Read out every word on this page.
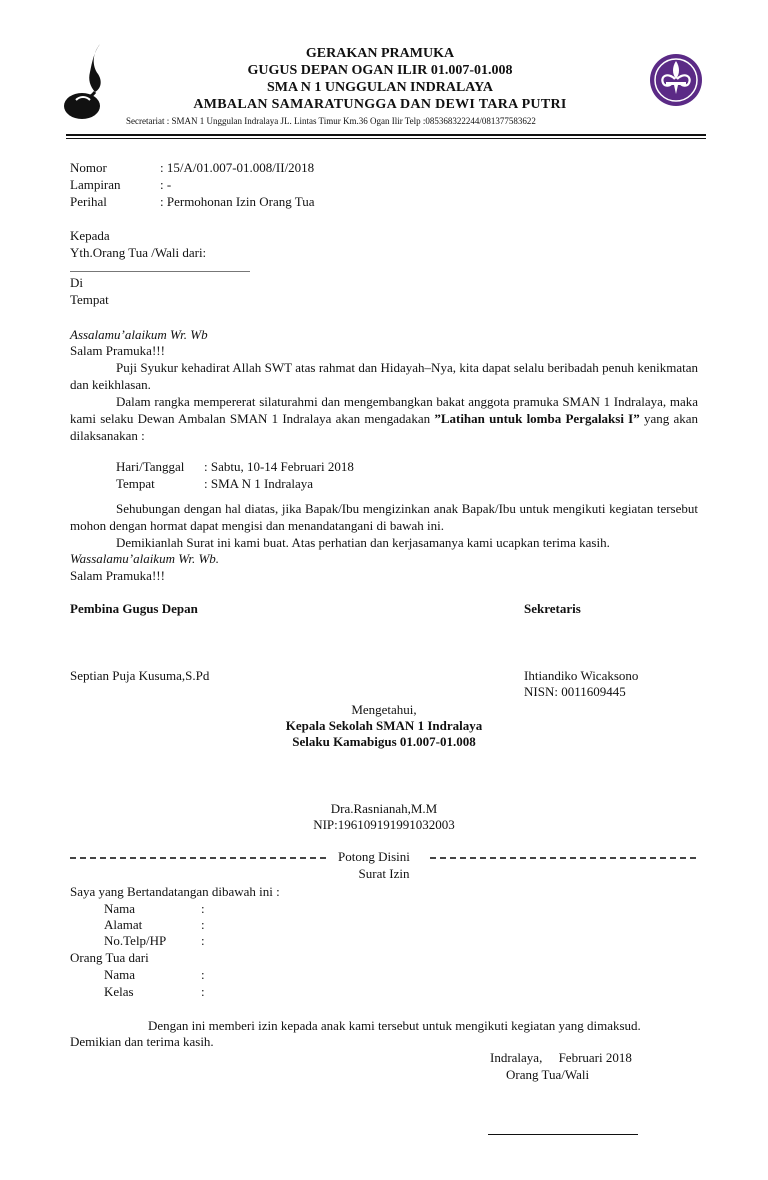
GERAKAN PRAMUKA
GUGUS DEPAN OGAN ILIR 01.007-01.008
SMA N 1 UNGGULAN INDRALAYA
AMBALAN SAMARATUNGGA DAN DEWI TARA PUTRI
Secretariat : SMAN 1 Unggulan Indralaya JL. Lintas Timur Km.36 Ogan Ilir Telp :085368322244/081377583622
Nomor	: 15/A/01.007-01.008/II/2018
Lampiran	: -
Perihal	: Permohonan Izin Orang Tua
Kepada
Yth.Orang Tua /Wali dari:
Di
Tempat
Assalamu’alaikum Wr. Wb
Salam Pramuka!!!
Puji Syukur kehadirat Allah SWT atas rahmat dan Hidayah–Nya, kita dapat selalu beribadah penuh kenikmatan dan keikhlasan.
Dalam rangka mempererat silaturahmi dan mengembangkan bakat anggota pramuka SMAN 1 Indralaya, maka kami selaku Dewan Ambalan SMAN 1 Indralaya akan mengadakan ”Latihan untuk lomba Pergalaksi I” yang akan dilaksanakan :
Hari/Tanggal : Sabtu, 10-14 Februari 2018
Tempat	: SMA N 1 Indralaya
Sehubungan dengan hal diatas, jika Bapak/Ibu mengizinkan anak Bapak/Ibu untuk mengikuti kegiatan tersebut mohon dengan hormat dapat mengisi dan menandatangani di bawah ini.
Demikianlah Surat ini kami buat. Atas perhatian dan kerjasamanya kami ucapkan terima kasih.
Wassalamu’alaikum Wr. Wb.
Salam Pramuka!!!
Pembina Gugus Depan	Sekretaris
Septian Puja Kusuma,S.Pd	Ihtiandiko Wicaksono
NISN: 0011609445
Mengetahui,
Kepala Sekolah SMAN 1 Indralaya
Selaku Kamabigus 01.007-01.008
Dra.Rasnianah,M.M
NIP:196109191991032003
Potong Disini
Surat Izin
Saya yang Bertandatangan dibawah ini :
Nama	:
Alamat	:
No.Telp/HP	:
Orang Tua dari
Nama	:
Kelas	:
Dengan ini memberi izin kepada anak kami tersebut untuk mengikuti kegiatan yang dimaksud.
Demikian dan terima kasih.
Indralaya,     Februari 2018
Orang Tua/Wali
